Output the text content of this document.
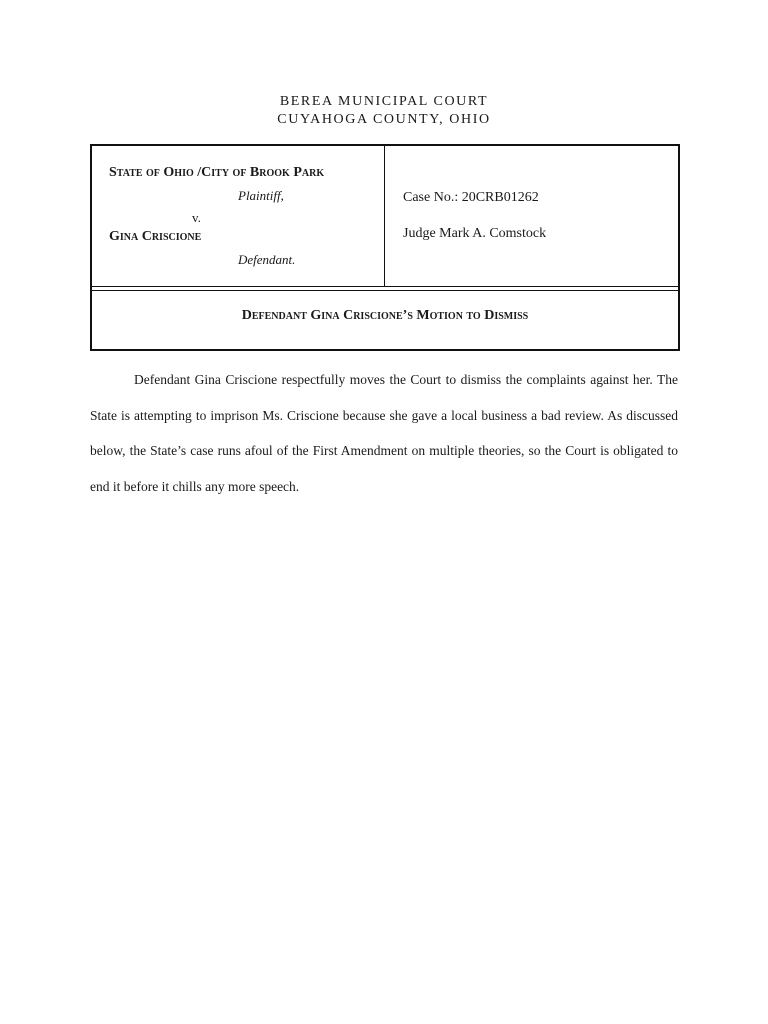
BEREA MUNICIPAL COURT
CUYAHOGA COUNTY, OHIO
State of Ohio /City of Brook Park
Plaintiff,
v.
Gina Criscione
Defendant.
Case No.: 20CRB01262
Judge Mark A. Comstock
Defendant Gina Criscione’s Motion to Dismiss

Defendant Gina Criscione respectfully moves the Court to dismiss the complaints against her. The State is attempting to imprison Ms. Criscione because she gave a local business a bad review. As discussed below, the State’s case runs afoul of the First Amendment on multiple theories, so the Court is obligated to end it before it chills any more speech.
